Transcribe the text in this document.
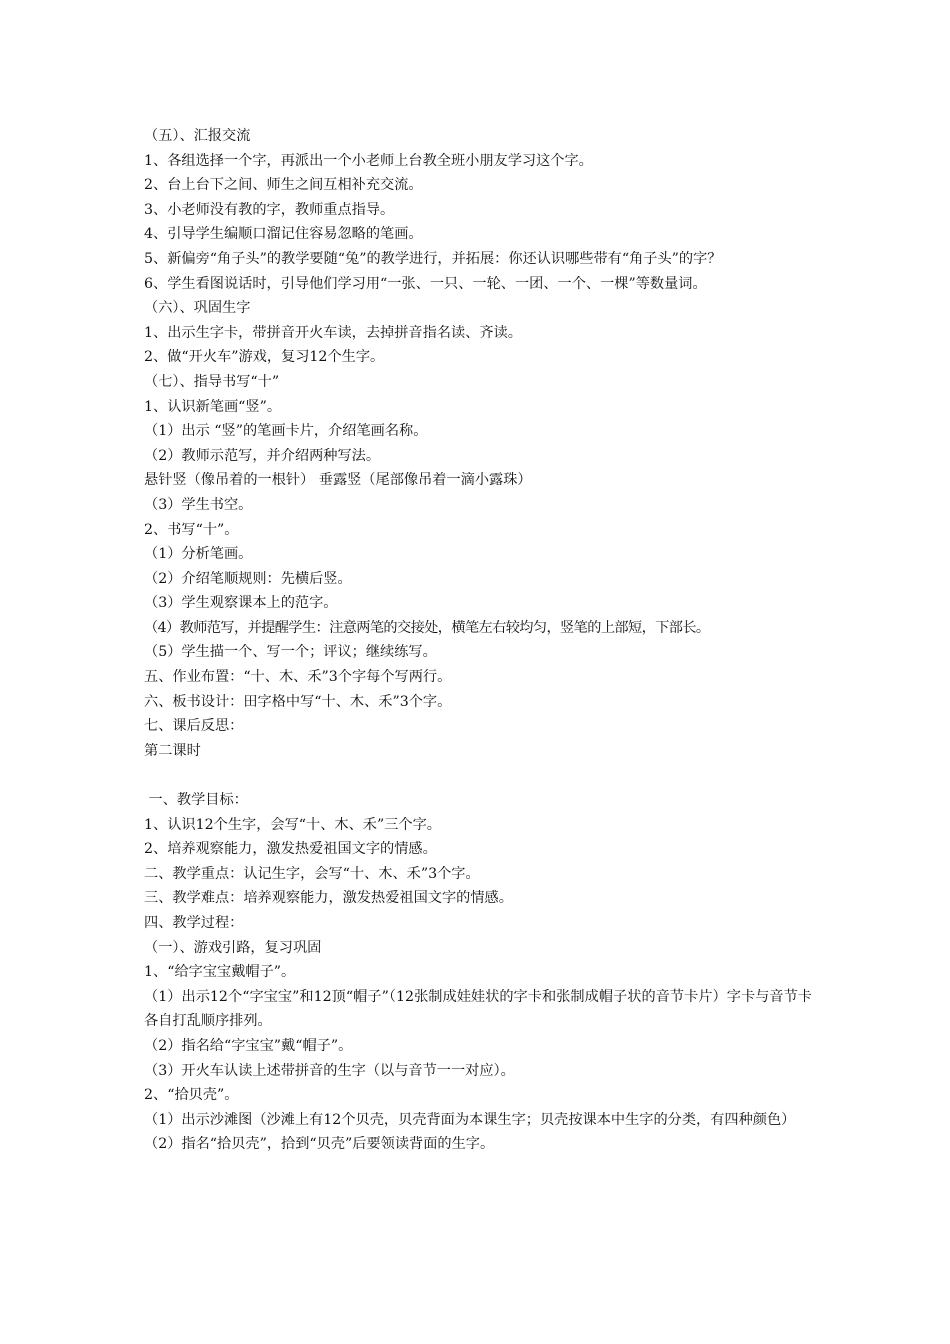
（五）、汇报交流

1、各组选择一个字，再派出一个小老师上台教全班小朋友学习这个字。

2、台上台下之间、师生之间互相补充交流。

3、小老师没有教的字，教师重点指导。

4、引导学生编顺口溜记住容易忽略的笔画。

5、新偏旁“角子头”的教学要随“兔”的教学进行，并拓展：你还认识哪些带有“角子头”的字？

6、学生看图说话时，引导他们学习用“一张、一只、一轮、一团、一个、一棵”等数量词。

（六）、巩固生字

1、出示生字卡，带拼音开火车读，去掉拼音指名读、齐读。

2、做“开火车”游戏，复习12个生字。

（七）、指导书写“十”

1、认识新笔画“竖”。

（1）出示 “竖”的笔画卡片，介绍笔画名称。

（2）教师示范写，并介绍两种写法。

悬针竖（像吊着的一根针） 垂露竖（尾部像吊着一滴小露珠）

（3）学生书空。

2、书写“十”。

（1）分析笔画。

（2）介绍笔顺规则：先横后竖。

（3）学生观察课本上的范字。

（4）教师范写，并提醒学生：注意两笔的交接处，横笔左右较均匀，竖笔的上部短，下部长。

（5）学生描一个、写一个；评议；继续练写。

五、作业布置：“十、木、禾”3个字每个写两行。

六、板书设计：田字格中写“十、木、禾”3个字。

七、课后反思：

第二课时

一、教学目标：

1、认识12个生字，会写“十、木、禾”三个字。

2、培养观察能力，激发热爱祖国文字的情感。

二、教学重点：认记生字，会写“十、木、禾”3个字。

三、教学难点：培养观察能力，激发热爱祖国文字的情感。

四、教学过程：

（一）、游戏引路，复习巩固

1、“给字宝宝戴帽子”。

（1）出示12个“字宝宝”和12顶“帽子”（12张制成娃娃状的字卡和张制成帽子状的音节卡片）字卡与音节卡各自打乱顺序排列。

（2）指名给“字宝宝”戴“帽子”。

（3）开火车认读上述带拼音的生字（以与音节一一对应）。

2、“拾贝壳”。

（1）出示沙滩图（沙滩上有12个贝壳，贝壳背面为本课生字；贝壳按课本中生字的分类，有四种颜色）

（2）指名“拾贝壳”，拾到“贝壳”后要领读背面的生字。
